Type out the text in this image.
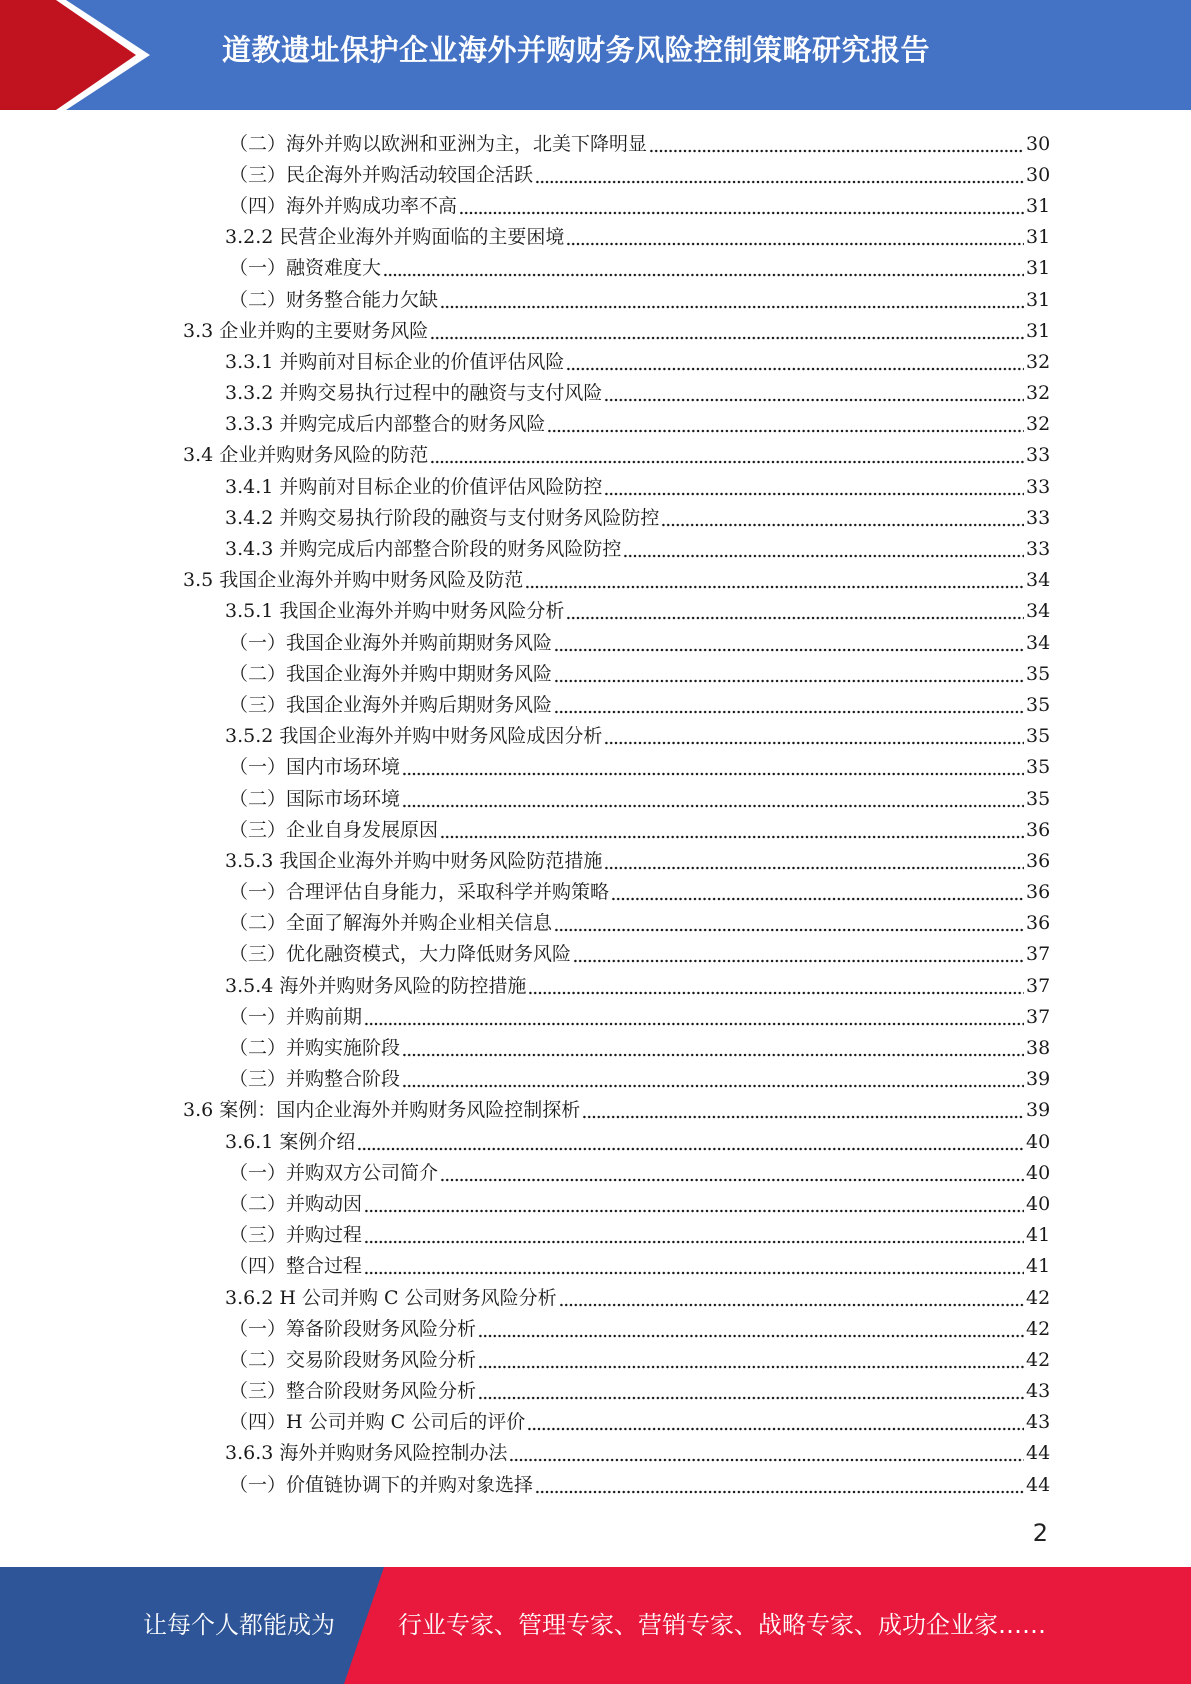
道教遗址保护企业海外并购财务风险控制策略研究报告
（二）海外并购以欧洲和亚洲为主，北美下降明显	30
（三）民企海外并购活动较国企活跃	30
（四）海外并购成功率不高	31
3.2.2 民营企业海外并购面临的主要困境	31
（一）融资难度大	31
（二）财务整合能力欠缺	31
3.3 企业并购的主要财务风险	31
3.3.1 并购前对目标企业的价值评估风险	32
3.3.2 并购交易执行过程中的融资与支付风险	32
3.3.3 并购完成后内部整合的财务风险	32
3.4 企业并购财务风险的防范	33
3.4.1 并购前对目标企业的价值评估风险防控	33
3.4.2 并购交易执行阶段的融资与支付财务风险防控	33
3.4.3 并购完成后内部整合阶段的财务风险防控	33
3.5 我国企业海外并购中财务风险及防范	34
3.5.1 我国企业海外并购中财务风险分析	34
（一）我国企业海外并购前期财务风险	34
（二）我国企业海外并购中期财务风险	35
（三）我国企业海外并购后期财务风险	35
3.5.2 我国企业海外并购中财务风险成因分析	35
（一）国内市场环境	35
（二）国际市场环境	35
（三）企业自身发展原因	36
3.5.3 我国企业海外并购中财务风险防范措施	36
（一）合理评估自身能力，采取科学并购策略	36
（二）全面了解海外并购企业相关信息	36
（三）优化融资模式，大力降低财务风险	37
3.5.4 海外并购财务风险的防控措施	37
（一）并购前期	37
（二）并购实施阶段	38
（三）并购整合阶段	39
3.6 案例：国内企业海外并购财务风险控制探析	39
3.6.1 案例介绍	40
（一）并购双方公司简介	40
（二）并购动因	40
（三）并购过程	41
（四）整合过程	41
3.6.2 H 公司并购 C 公司财务风险分析	42
（一）筹备阶段财务风险分析	42
（二）交易阶段财务风险分析	42
（三）整合阶段财务风险分析	43
（四）H 公司并购 C 公司后的评价	43
3.6.3 海外并购财务风险控制办法	44
（一）价值链协调下的并购对象选择	44
2
让每个人都能成为	行业专家、管理专家、营销专家、战略专家、成功企业家……
